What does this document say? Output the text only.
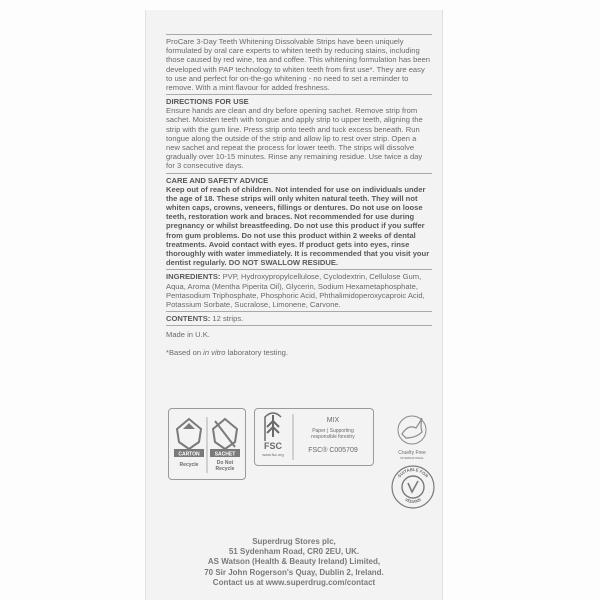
ProCare 3-Day Teeth Whitening Dissolvable Strips have been uniquely formulated by oral care experts to whiten teeth by reducing stains, including those caused by red wine, tea and coffee. This whitening formulation has been developed with PAP technology to whiten teeth from first use*. They are easy to use and perfect for on-the-go whitening - no need to set a reminder to remove. With a mint flavour for added freshness.

DIRECTIONS FOR USE

Ensure hands are clean and dry before opening sachet. Remove strip from sachet. Moisten teeth with tongue and apply strip to upper teeth, aligning the strip with the gum line. Press strip onto teeth and tuck excess beneath. Run tongue along the outside of the strip and allow lip to rest over strip. Open a new sachet and repeat the process for lower teeth. The strips will dissolve gradually over 10-15 minutes. Rinse any remaining residue. Use twice a day for 3 consecutive days.

CARE AND SAFETY ADVICE

Keep out of reach of children. Not intended for use on individuals under the age of 18. These strips will only whiten natural teeth. They will not whiten caps, crowns, veneers, fillings or dentures. Do not use on loose teeth, restoration work and braces. Not recommended for use during pregnancy or whilst breastfeeding. Do not use this product if you suffer from gum problems. Do not use this product within 2 weeks of dental treatments. Avoid contact with eyes. If product gets into eyes, rinse thoroughly with water immediately. It is recommended that you visit your dentist regularly. DO NOT SWALLOW RESIDUE.

INGREDIENTS: PVP, Hydroxypropylcellulose, Cyclodextrin, Cellulose Gum, Aqua, Aroma (Mentha Piperita Oil), Glycerin, Sodium Hexametaphosphate, Pentasodium Triphosphate, Phosphoric Acid, Phthalimidoperoxycaproic Acid, Potassium Sorbate, Sucralose, Limonene, Carvone.

CONTENTS: 12 strips.

Made in U.K.

*Based on in vitro laboratory testing.

CARTON
Recycle
SACHET
Do Not
Recycle
FSC
www.fsc.org
MIX
Paper | Supporting
responsible forestry
FSC® C005709	Cruelty Free
INTERNATIONAL
SUITABLE FOR
VEGANS
Superdrug Stores plc,
51 Sydenham Road, CR0 2EU, UK.
AS Watson (Health & Beauty Ireland) Limited,
70 Sir John Rogerson's Quay, Dublin 2, Ireland.
Contact us at www.superdrug.com/contact
